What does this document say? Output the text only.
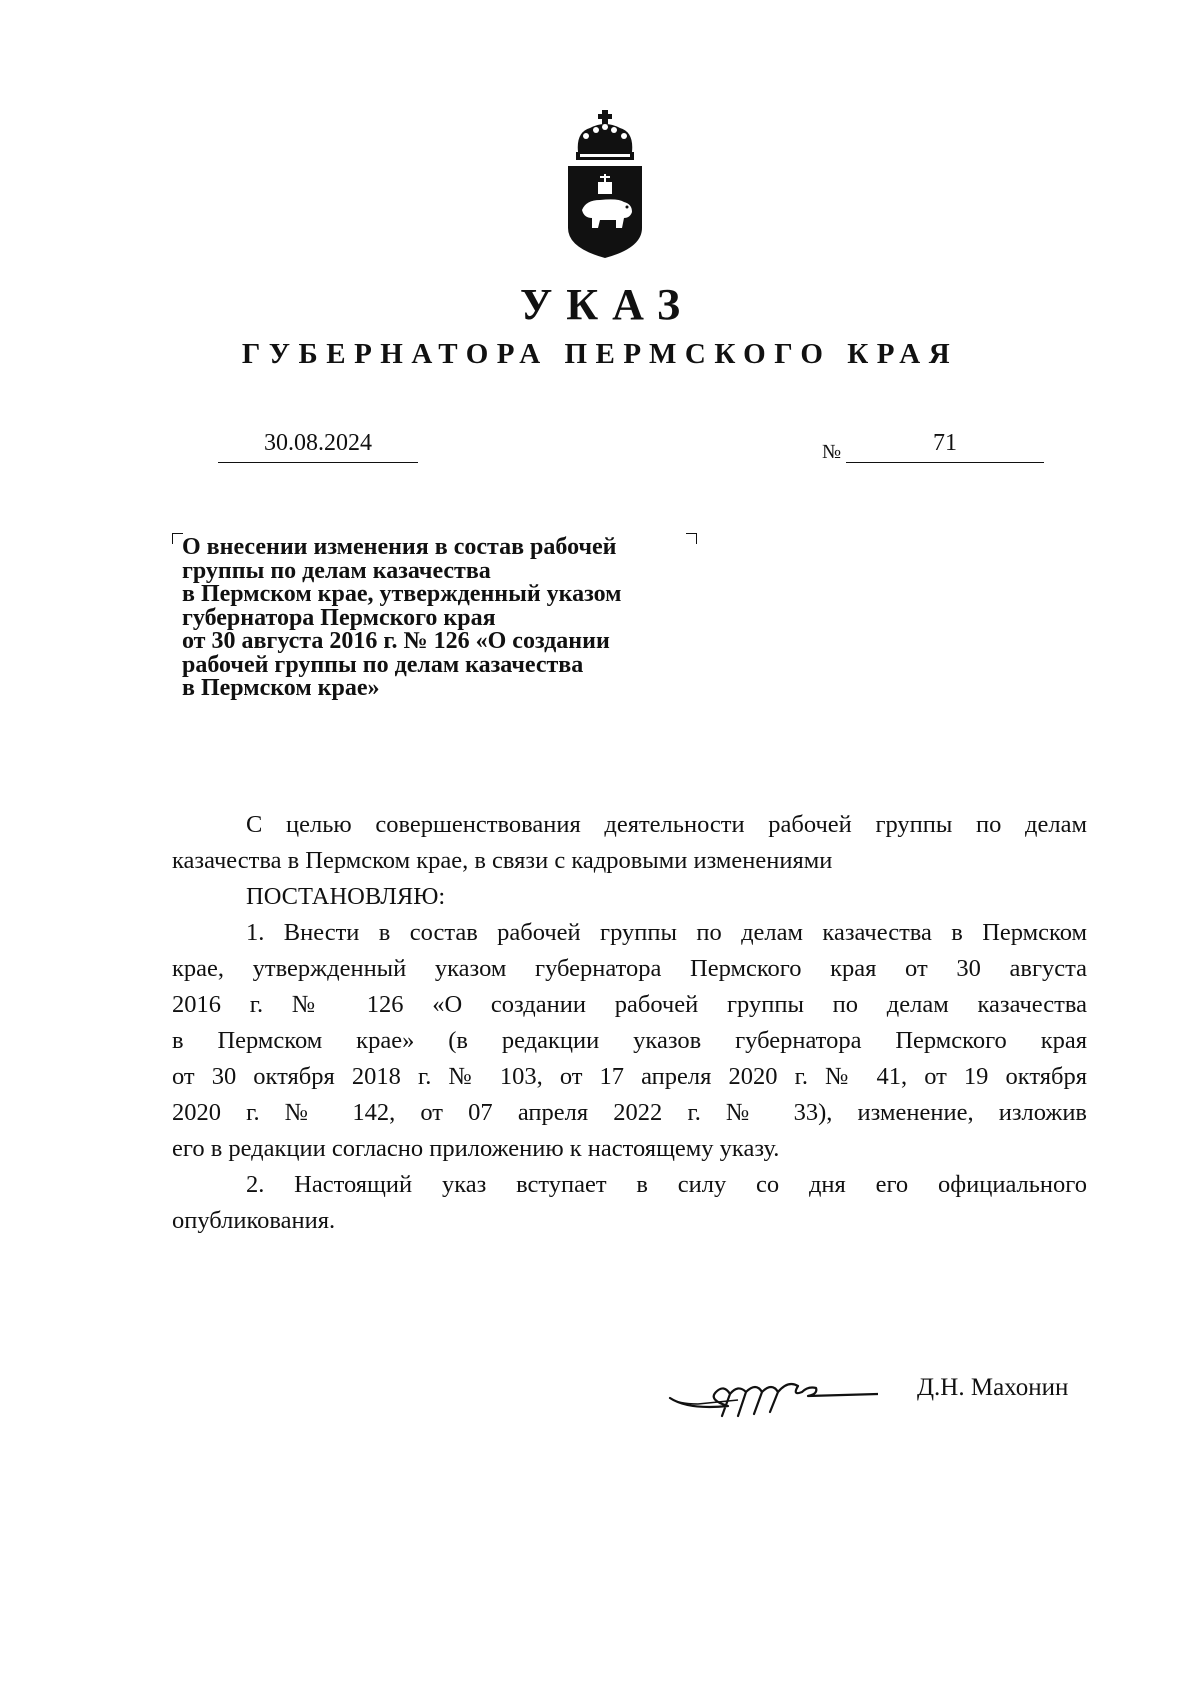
УКАЗ
ГУБЕРНАТОРА ПЕРМСКОГО КРАЯ
30.08.2024	№	71
О внесении изменения в состав рабочей
группы по делам казачества
в Пермском крае, утвержденный указом
губернатора Пермского края
от 30 августа 2016 г. № 126 «О создании
рабочей группы по делам казачества
в Пермском крае»
С целью совершенствования деятельности рабочей группы по делам
казачества в Пермском крае, в связи с кадровыми изменениями
ПОСТАНОВЛЯЮ:
1. Внести в состав рабочей группы по делам казачества в Пермском
крае, утвержденный указом губернатора Пермского края от 30 августа
2016 г. № 126 «О создании рабочей группы по делам казачества
в Пермском крае» (в редакции указов губернатора Пермского края
от 30 октября 2018 г. № 103, от 17 апреля 2020 г. № 41, от 19 октября
2020 г. № 142, от 07 апреля 2022 г. № 33), изменение, изложив
его в редакции согласно приложению к настоящему указу.
2. Настоящий указ вступает в силу со дня его официального
опубликования.
Д.Н. Махонин
